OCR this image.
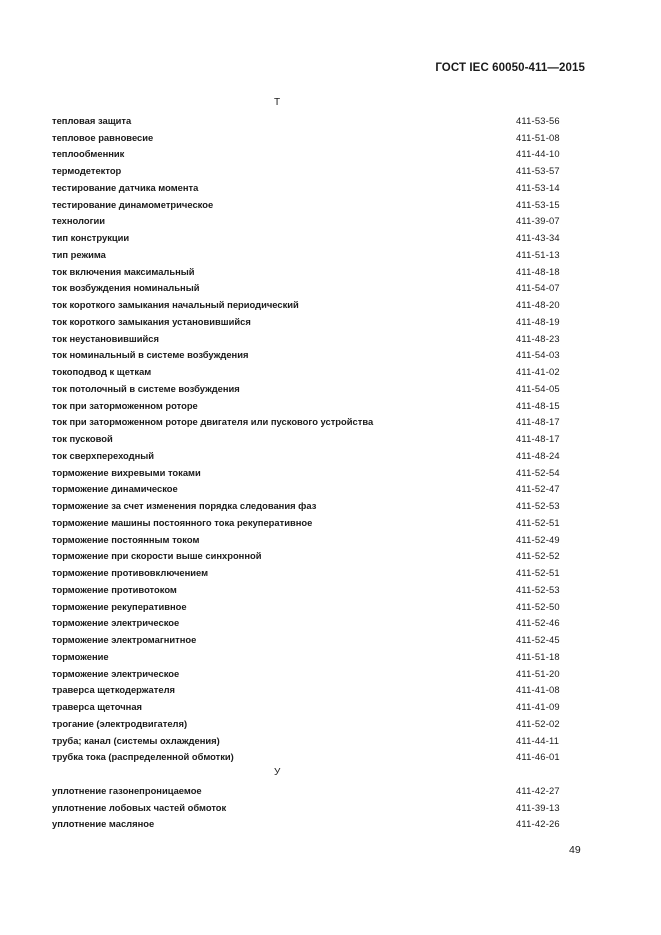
ГОСТ IEC 60050-411—2015
Т
тепловая защита	411-53-56
тепловое равновесие	411-51-08
теплообменник	411-44-10
термодетектор	411-53-57
тестирование датчика момента	411-53-14
тестирование динамометрическое	411-53-15
технологии	411-39-07
тип конструкции	411-43-34
тип режима	411-51-13
ток включения максимальный	411-48-18
ток возбуждения номинальный	411-54-07
ток короткого замыкания начальный периодический	411-48-20
ток короткого замыкания установившийся	411-48-19
ток неустановившийся	411-48-23
ток номинальный в системе возбуждения	411-54-03
токоподвод к щеткам	411-41-02
ток потолочный в системе возбуждения	411-54-05
ток при заторможенном роторе	411-48-15
ток при заторможенном роторе двигателя или пускового устройства	411-48-17
ток пусковой	411-48-17
ток сверхпереходный	411-48-24
торможение вихревыми токами	411-52-54
торможение динамическое	411-52-47
торможение за счет изменения порядка следования фаз	411-52-53
торможение машины постоянного тока рекуперативное	411-52-51
торможение постоянным током	411-52-49
торможение при скорости выше синхронной	411-52-52
торможение противовключением	411-52-51
торможение противотоком	411-52-53
торможение рекуперативное	411-52-50
торможение электрическое	411-52-46
торможение электромагнитное	411-52-45
торможение	411-51-18
торможение электрическое	411-51-20
траверса щеткодержателя	411-41-08
траверса щеточная	411-41-09
трогание (электродвигателя)	411-52-02
труба; канал (системы охлаждения)	411-44-11
трубка тока (распределенной обмотки)	411-46-01
У
уплотнение газонепроницаемое	411-42-27
уплотнение лобовых частей обмоток	411-39-13
уплотнение масляное	411-42-26
49
